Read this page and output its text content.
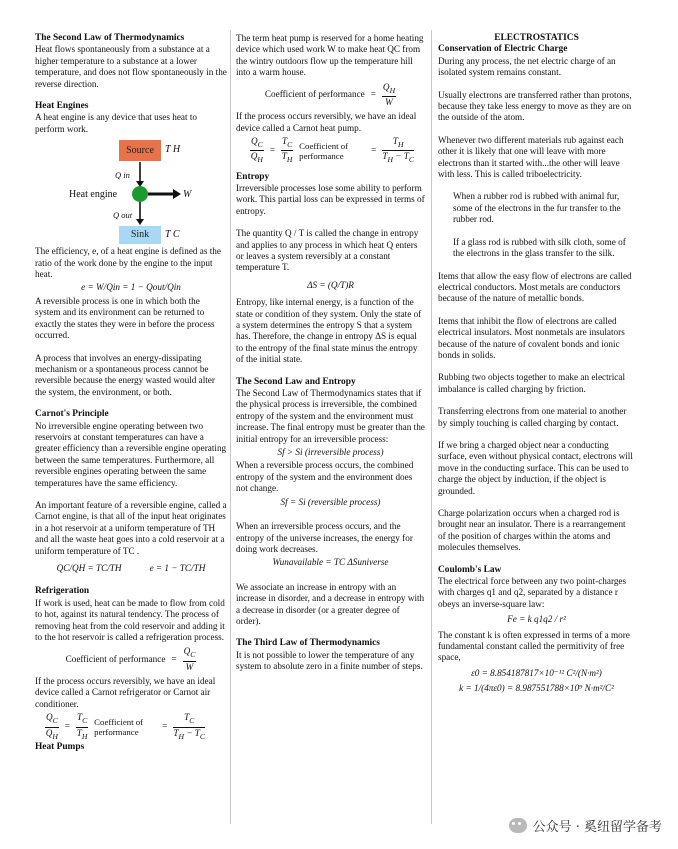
The Second Law of Thermodynamics

Heat flows spontaneously from a substance at a higher temperature to a substance at a lower temperature, and does not flow spontaneously in the reverse direction.

Heat Engines

A heat engine is any device that uses heat to perform work.

Source	T H
Q in
Heat engine	W
Q out
Sink	T C

The efficiency, e, of a heat engine is defined as the ratio of the work done by the engine to the input heat.

e = W/Qin = 1 − Qout/Qin

A reversible process is one in which both the system and its environment can be returned to exactly the states they were in before the process occurred.

A process that involves an energy-dissipating mechanism or a spontaneous process cannot be reversible because the energy wasted would alter the system, the environment, or both.

Carnot's Principle

No irreversible engine operating between two reservoirs at constant temperatures can have a greater efficiency than a reversible engine operating between the same temperatures. Furthermore, all reversible engines operating between the same temperatures have the same efficiency.

An important feature of a reversible engine, called a Carnot engine, is that all of the input heat originates in a hot reservoir at a uniform temperature of TH and all the waste heat goes into a cold reservoir at a uniform temperature of TC .

QC/QH = TC/TH	e = 1 − TC/TH
Refrigeration

If work is used, heat can be made to flow from cold to hot, against its natural tendency. The process of removing heat from the cold reservoir and adding it to the hot reservoir is called a refrigeration process.

Coefficient of performance = $\frac{Q_C}{W}$

If the process occurs reversibly, we have an ideal device called a Carnot refrigerator or Carnot air conditioner.

$\frac{Q_C}{Q_H} = \frac{T_C}{T_H}$ Coefficient of performance
= $\frac{T_C}{T_H - T_C}$
Heat Pumps

The term heat pump is reserved for a home heating device which used work W to make heat QC from the wintry outdoors flow up the temperature hill into a warm house.

Coefficient of performance = $\frac{Q_H}{W}$

If the process occurs reversibly, we have an ideal device called a Carnot heat pump.

$\frac{Q_C}{Q_H} = \frac{T_C}{T_H}$ Coefficient of performance
= $\frac{T_H}{T_H - T_C}$
Entropy

Irreversible processes lose some ability to perform work. This partial loss can be expressed in terms of entropy.

The quantity Q / T is called the change in entropy and applies to any process in which heat Q enters or leaves a system reversibly at a constant temperature T.

ΔS = (Q/T)R

Entropy, like internal energy, is a function of the state or condition of they system. Only the state of a system determines the entropy S that a system has. Therefore, the change in entropy ΔS is equal to the entropy of the final state minus the entropy of the initial state.

The Second Law and Entropy

The Second Law of Thermodynamics states that if the physical process is irreversible, the combined entropy of the system and the environment must increase. The final entropy must be greater than the initial entropy for an irreversible process:

Sf > Si (irreversible process)

When a reversible process occurs, the combined entropy of the system and the environment does not change.

Sf = Si (reversible process)

When an irreversible process occurs, and the entropy of the universe increases, the energy for doing work decreases.

Wunavailable = TC ΔSuniverse

We associate an increase in entropy with an increase in disorder, and a decrease in entropy with a decrease in disorder (or a greater degree of order).

The Third Law of Thermodynamics

It is not possible to lower the temperature of any system to absolute zero in a finite number of steps.

ELECTROSTATICS
Conservation of Electric Charge

During any process, the net electric charge of an isolated system remains constant.

Usually electrons are transferred rather than protons, because they take less energy to move as they are on the outside of the atom.

Whenever two different materials rub against each other it is likely that one will leave with more electrons than it started with...the other will leave with less. This is called triboelectricity.

When a rubber rod is rubbed with animal fur, some of the electrons in the fur transfer to the rubber rod.

If a glass rod is rubbed with silk cloth, some of the electrons in the glass transfer to the silk.

Items that allow the easy flow of electrons are called electrical conductors. Most metals are conductors because of the nature of metallic bonds.

Items that inhibit the flow of electrons are called electrical insulators. Most nonmetals are insulators because of the nature of covalent bonds and ionic bonds in solids.

Rubbing two objects together to make an electrical imbalance is called charging by friction.

Transferring electrons from one material to another by simply touching is called charging by contact.

If we bring a charged object near a conducting surface, even without physical contact, electrons will move in the conducting surface. This can be used to charge the object by induction, if the object is grounded.

Charge polarization occurs when a charged rod is brought near an insulator. There is a rearrangement of the position of charges within the atoms and molecules themselves.

Coulomb's Law

The electrical force between any two point-charges with charges q1 and q2, separated by a distance r obeys an inverse-square law:

Fe = k q1q2 / r²

The constant k is often expressed in terms of a more fundamental constant called the permitivity of free space,

ε0 = 8.854187817×10⁻¹² C²/(N·m²)
k = 1/(4πε0) = 8.987551788×10⁹ N·m²/C²
公众号 · 奚纽留学备考
